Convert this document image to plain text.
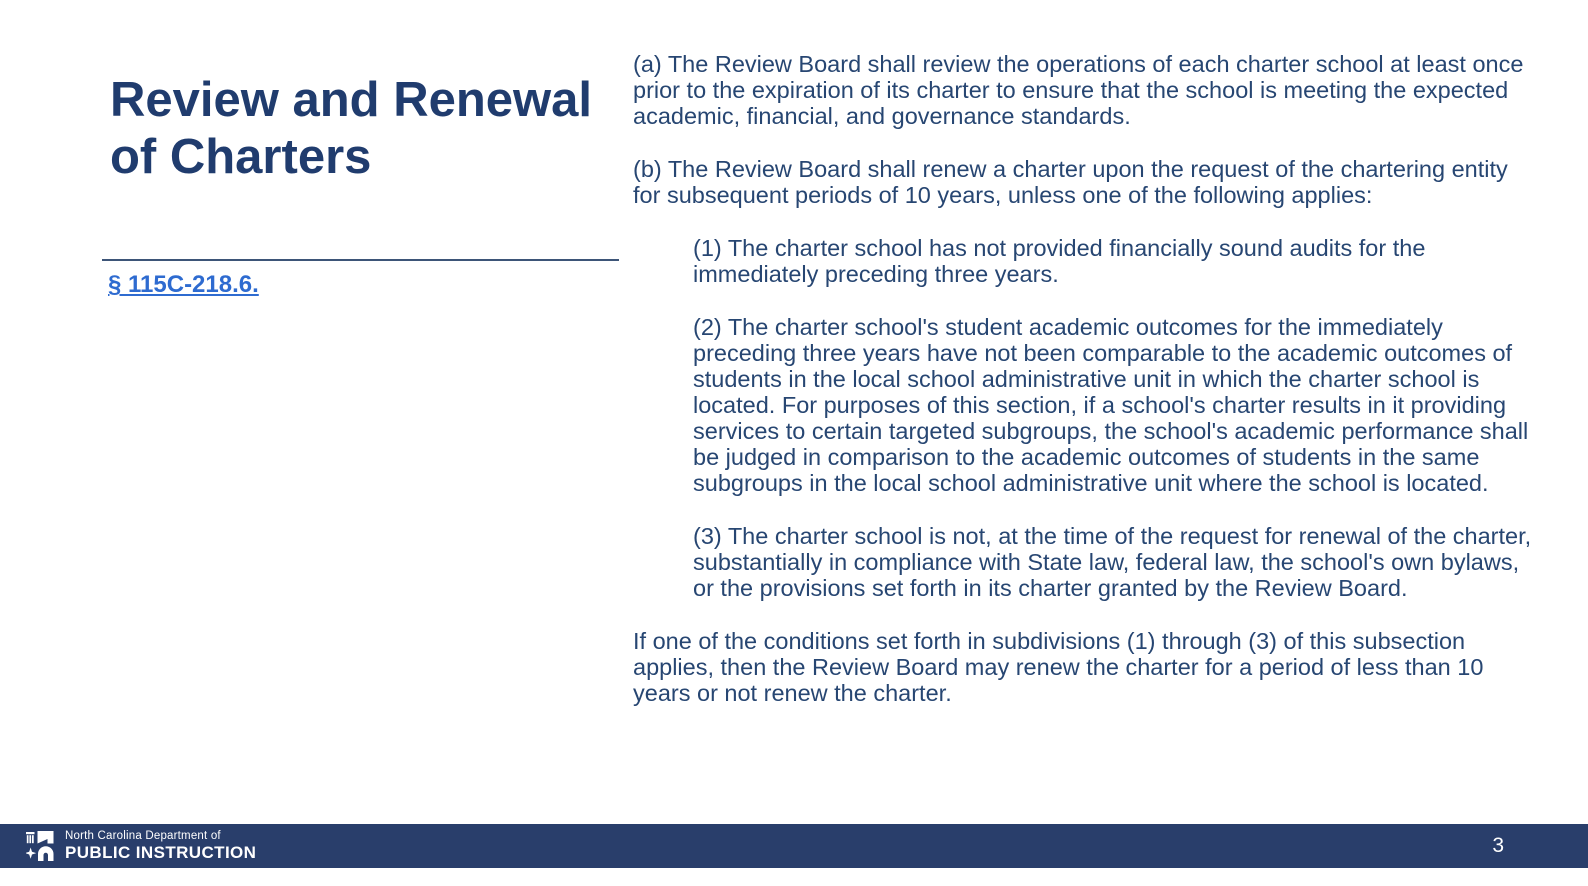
Review and Renewal of Charters
§ 115C-218.6.

(a) The Review Board shall review the operations of each charter school at least once prior to the expiration of its charter to ensure that the school is meeting the expected academic, financial, and governance standards.

(b) The Review Board shall renew a charter upon the request of the chartering entity for subsequent periods of 10 years, unless one of the following applies:

(1) The charter school has not provided financially sound audits for the immediately preceding three years.

(2) The charter school's student academic outcomes for the immediately preceding three years have not been comparable to the academic outcomes of students in the local school administrative unit in which the charter school is located. For purposes of this section, if a school's charter results in it providing services to certain targeted subgroups, the school's academic performance shall be judged in comparison to the academic outcomes of students in the same subgroups in the local school administrative unit where the school is located.

(3) The charter school is not, at the time of the request for renewal of the charter, substantially in compliance with State law, federal law, the school's own bylaws, or the provisions set forth in its charter granted by the Review Board.

If one of the conditions set forth in subdivisions (1) through (3) of this subsection applies, then the Review Board may renew the charter for a period of less than 10 years or not renew the charter.

North Carolina Department of
PUBLIC INSTRUCTION	3
